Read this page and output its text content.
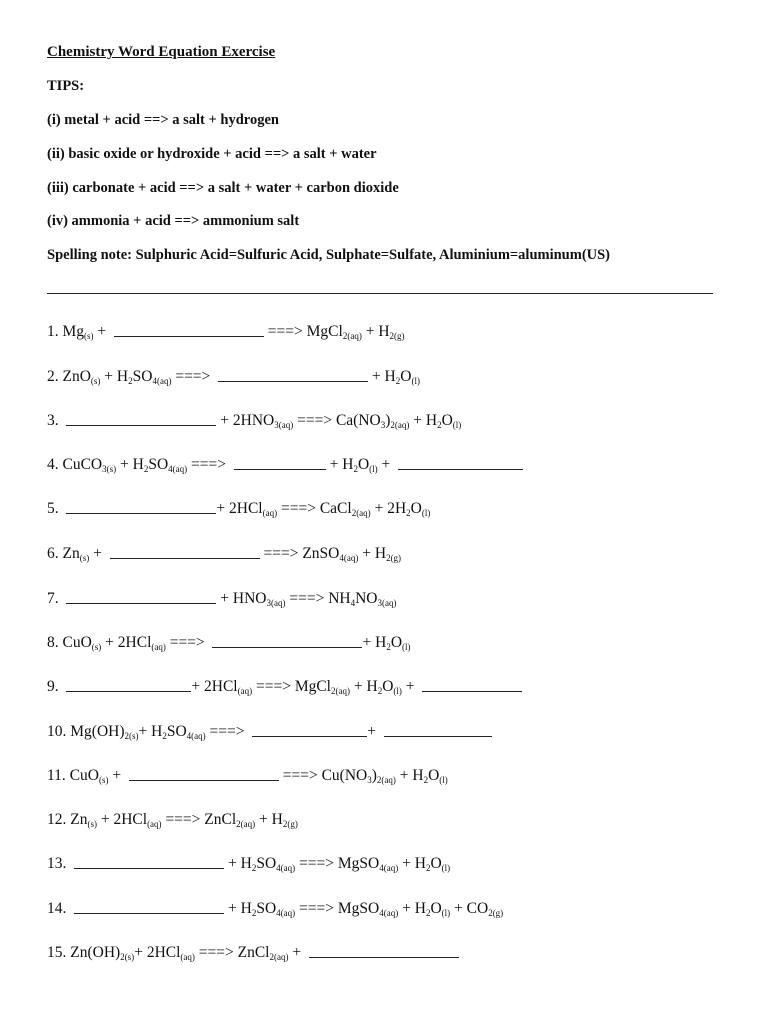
Chemistry Word Equation Exercise
TIPS:
(i) metal + acid ==> a salt + hydrogen
(ii) basic oxide or hydroxide + acid ==> a salt + water
(iii) carbonate + acid ==> a salt + water + carbon dioxide
(iv) ammonia + acid ==> ammonium salt
Spelling note: Sulphuric Acid=Sulfuric Acid, Sulphate=Sulfate, Aluminium=aluminum(US)
1. $Mg_{(s)}$ +	===> MgCl$_{2(aq)}$ + $H_{2(g)}$
2. $ZnO_{(s)} + H_2SO_{4(aq)}$ ===>	+ $H_2O_{(l)}$
3.	+ $2HNO_{3(aq)}$ ===> $Ca(NO_3)_{2(aq)} + H_2O_{(l)}$
4. CuCO$_{3(s)}$ + $H_2SO_{4(aq)}$ ===>	+ $H_2O_{(l)}$ +
5.	+ 2HCl$_{(aq)}$ ===> CaCl$_{2(aq)}$ + $2H_2O_{(l)}$
6. $Zn_{(s)}$ +	===> ZnSO$_{4(aq)}$ + $H_{2(g)}$
7.	+ $HNO_{3(aq)}$ ===> $NH_4NO_{3(aq)}$
8. CuO$_{(s)}$ + 2HCl$_{(aq)}$ ===>	+ $H_2O_{(l)}$
9.	+ 2HCl$_{(aq)}$ ===> MgCl$_{2(aq)}$ + $H_2O_{(l)}$ +
10. $Mg(OH)_{2(s)}+ H_2SO_{4(aq)}$ ===>	+
11. CuO$_{(s)}$ +	===> $Cu(NO_3)_{2(aq)} + H_2O_{(l)}$
12. $Zn_{(s)} + 2HCl_{(aq)}$ ===> ZnCl$_{2(aq)}$ + $H_{2(g)}$
13.	+ $H_2SO_{4(aq)}$ ===> MgSO$_{4(aq)}$ + $H_2O_{(l)}$
14.	+ $H_2SO_{4(aq)}$ ===> MgSO$_{4(aq)}$ + $H_2O_{(l)} + CO_{2(g)}$
15. $Zn(OH)_{2(s)}+ 2HCl_{(aq)}$ ===> ZnCl$_{2(aq)}$ +
